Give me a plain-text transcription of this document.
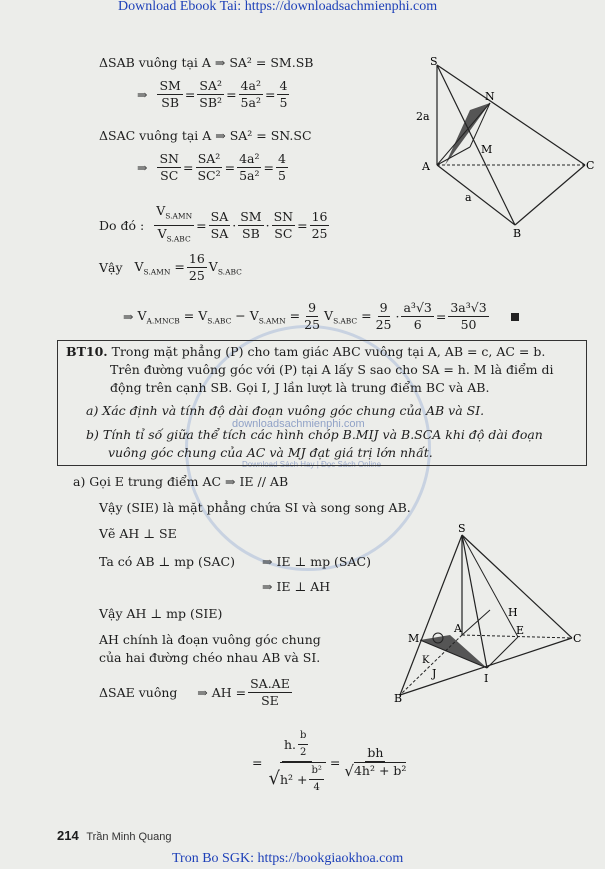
Download Ebook Tai: https://downloadsachmienphi.com
downloadsachmienphi.com
Download Sách Hay | Đọc Sách Online
ΔSAB vuông tại A ⇒ SA² = SM.SB
⇒
$\frac{SM}{SB} = \frac{\text{SA²}}{\text{SB²}} = \frac{\text{4a²}}{\text{5a²}} = \frac{4}{5}$
ΔSAC vuông tại A ⇒ SA² = SN.SC
⇒
$\frac{SN}{SC} = \frac{\text{SA²}}{\text{SC²}} = \frac{\text{4a²}}{\text{5a²}} = \frac{4}{5}$
Do đó :
$\frac{V_{S.AMN}}{V_{S.ABC}} = \frac{SA}{SA} \cdot \frac{SM}{SB} \cdot \frac{SN}{SC} = \frac{16}{25}$
Vậy
$V_{S.AMN} = \frac{16}{25} V_{S.ABC}$
⇒
$V_{A.MNCB} = V_{S.ABC} - V_{S.AMN} = \frac{9}{25} V_{S.ABC} = \frac{9}{25} \cdot \frac{\text{a³√3}}{6} = \frac{\text{3a³√3}}{50}$

S
N
2a
M
A	C
a
B
BT10. Trong mặt phẳng (P) cho tam giác ABC vuông tại A, AB = c, AC = b.
Trên đường vuông góc với (P) tại A lấy S sao cho SA = h. M là điểm di
động trên cạnh SB. Gọi I, J lần lượt là trung điểm BC và AB.
a) Xác định và tính độ dài đoạn vuông góc chung của AB và SI.
b) Tính tỉ số giữa thể tích các hình chóp B.MIJ và B.SCA khi độ dài đoạn
vuông góc chung của AC và MJ đạt giá trị lớn nhất.
a) Gọi E trung điểm AC ⇒ IE // AB
Vậy (SIE) là mặt phẳng chứa SI và song song AB.
Vẽ AH ⊥ SE
Ta có AB ⊥ mp (SAC) ⇒ IE ⊥ mp (SAC)
⇒ IE ⊥ AH
Vậy AH ⊥ mp (SIE)
AH chính là đoạn vuông góc chung
của hai đường chéo nhau AB và SI.
ΔSAE vuông
⇒ AH = $\frac{SA.AE}{SE}$
= $\frac{h. \frac{b}{2}}{√ h^2 + \frac{\text{b²}}{4}} = \frac{bh}{\text{√ 4h² + b²}}$
S
H
A	E
C
M
K
J	I
B
214 Trần Minh Quang
Tron Bo SGK: https://bookgiaokhoa.com
